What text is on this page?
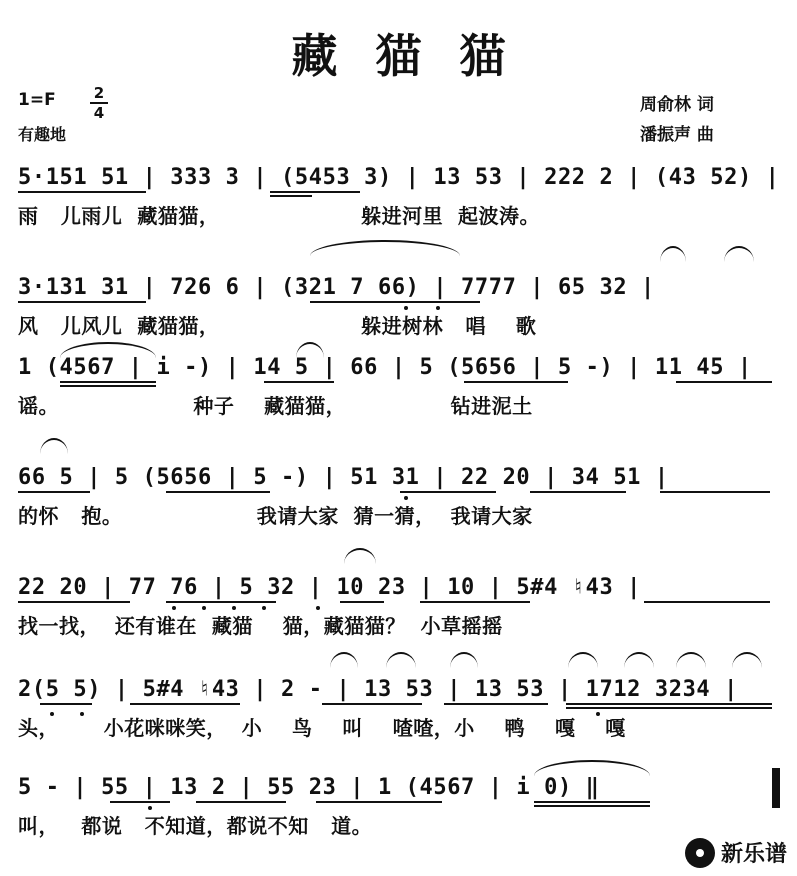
藏猫猫
1=F	2
4
有趣地
周俞林 词
潘振声 曲
5·151 51 | 333 3 | (5453 3) | 13 53 | 222 2 | (43 52) |
雨   儿雨儿  藏猫猫，                   躲进河里  起波涛。
3·131 31 | 726 6 | (321 7 66) | 7777 | 65 32 |
风   儿风儿  藏猫猫，                   躲进树林   唱    歌
1 (4567 | i -) | 14 5 | 66 | 5 (5656 | 5 -) | 11 45 |
谣。                  种子    藏猫猫，              钻进泥土
66 5 | 5 (5656 | 5 -) | 51 31 | 22 20 | 34 51 |
的怀   抱。                  我请大家  猜一猜，  我请大家
22 20 | 77 76 | 5 32 | 10 23 | 10 | 5#4 ♮43 |
找一找，  还有谁在  藏猫    猫，藏猫猫？  小草摇摇
2(5 5) | 5#4 ♮43 | 2 - | 13 53 | 13 53 | 1712 3234 |
头，      小花咪咪笑，  小    鸟    叫    喳喳，小    鸭    嘎    嘎
5 - | 55 | 13 2 | 55 23 | 1 (4567 | i 0) ‖
叫，   都说   不知道，都说不知   道。
新乐谱
